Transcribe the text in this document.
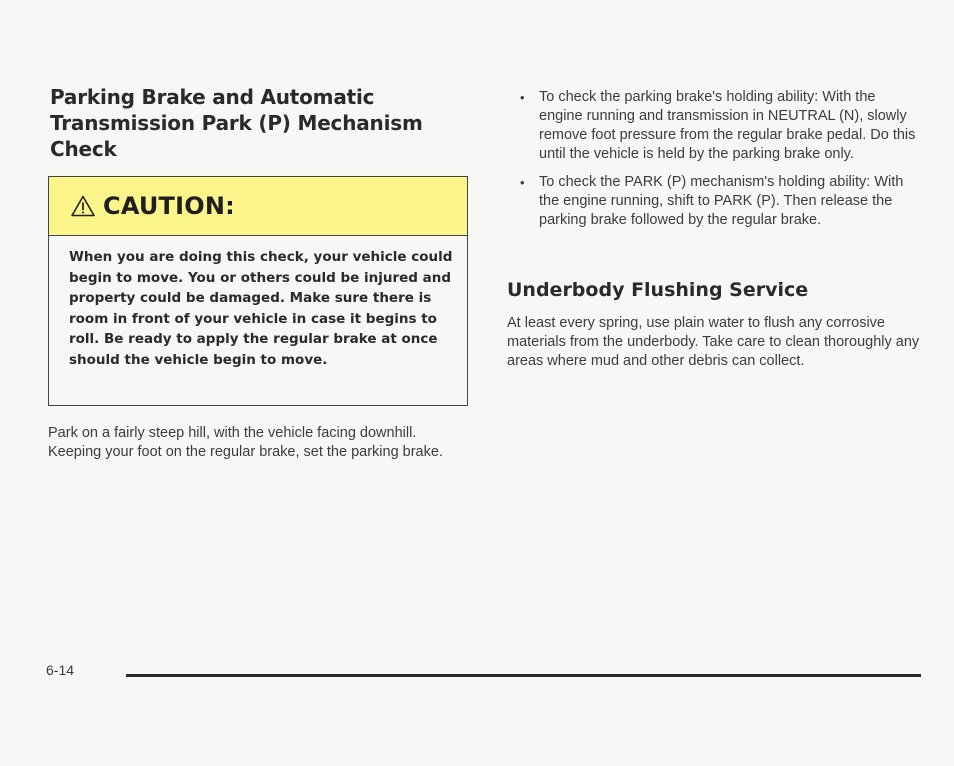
Parking Brake and Automatic Transmission Park (P) Mechanism Check
CAUTION:

When you are doing this check, your vehicle could begin to move. You or others could be injured and property could be damaged. Make sure there is room in front of your vehicle in case it begins to roll. Be ready to apply the regular brake at once should the vehicle begin to move.

Park on a fairly steep hill, with the vehicle facing downhill. Keeping your foot on the regular brake, set the parking brake.

• To check the parking brake's holding ability: With the engine running and transmission in NEUTRAL (N), slowly remove foot pressure from the regular brake pedal. Do this until the vehicle is held by the parking brake only.
• To check the PARK (P) mechanism's holding ability: With the engine running, shift to PARK (P). Then release the parking brake followed by the regular brake.
Underbody Flushing Service

At least every spring, use plain water to flush any corrosive materials from the underbody. Take care to clean thoroughly any areas where mud and other debris can collect.

6-14
